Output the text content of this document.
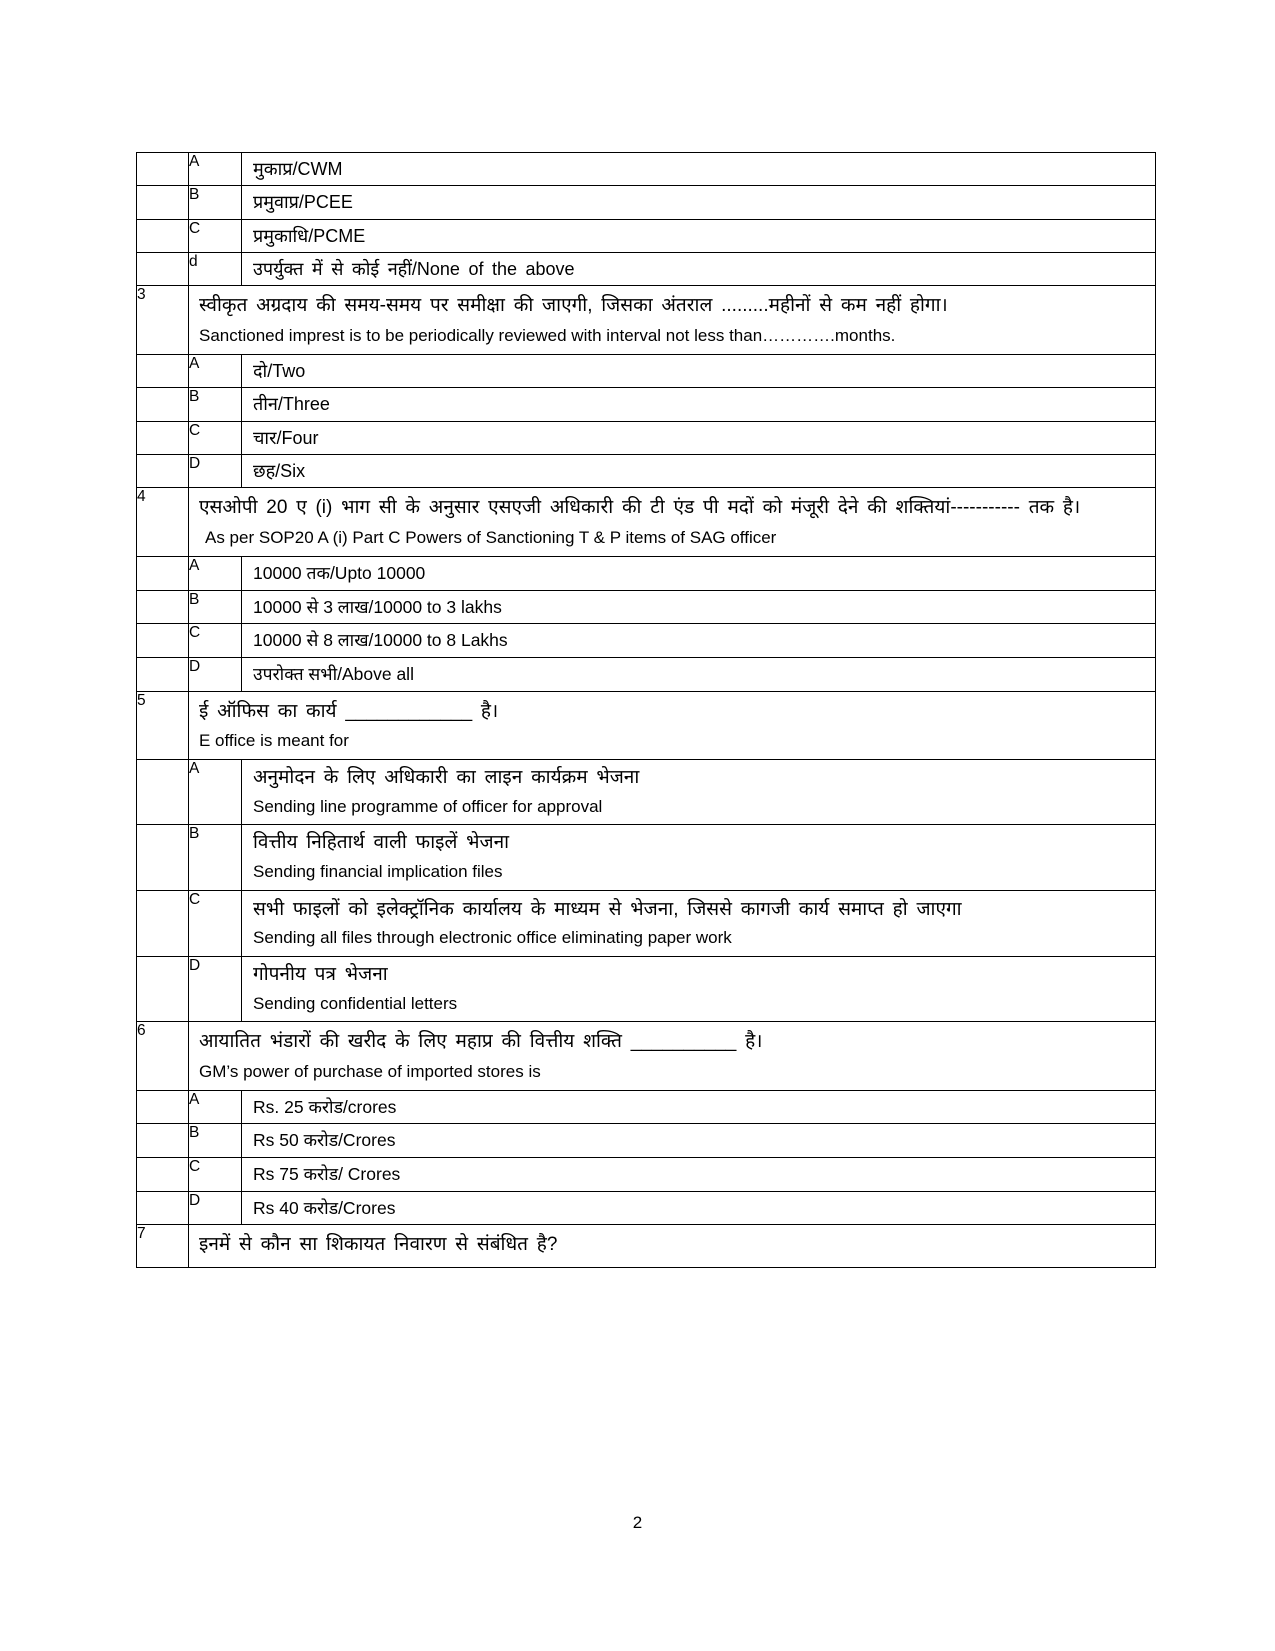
	A	मुकाप्र/CWM

	B	प्रमुवाप्र/PCEE

	C	प्रमुकाधि/PCME

	d	उपर्युक्त में से कोई नहीं/None of the above

3	स्वीकृत अग्रदाय की समय-समय पर समीक्षा की जाएगी, जिसका अंतराल .........महीनों से कम नहीं होगा।
Sanctioned imprest is to be periodically reviewed with interval not less than………….months.	

	A	दो/Two

	B	तीन/Three

	C	चार/Four

	D	छह/Six

4	एसओपी 20 ए (i) भाग सी के अनुसार एसएजी अधिकारी की टी एंड पी मदों को मंजूरी देने की शक्तियां----------- तक है।
As per SOP20 A (i) Part C Powers of Sanctioning T & P items of SAG officer	

	A	10000 तक/Upto 10000

	B	10000 से 3 लाख/10000 to 3 lakhs

	C	10000 से 8 लाख/10000 to 8 Lakhs

	D	उपरोक्त सभी/Above all

5	ई ऑफिस का कार्य ____________ है।
E office is meant for	

	A	अनुमोदन के लिए अधिकारी का लाइन कार्यक्रम भेजना
Sending line programme of officer for approval

	B	वित्तीय निहितार्थ वाली फाइलें भेजना
Sending financial implication files

	C	सभी फाइलों को इलेक्ट्रॉनिक कार्यालय के माध्यम से भेजना, जिससे कागजी कार्य समाप्त हो जाएगा
Sending all files through electronic office eliminating paper work

	D	गोपनीय पत्र भेजना
Sending confidential letters

6	आयातित भंडारों की खरीद के लिए महाप्र की वित्तीय शक्ति __________ है।
GM’s power of purchase of imported stores is	

	A	Rs. 25 करोड/crores

	B	Rs 50 करोड/Crores

	C	Rs 75 करोड/ Crores

	D	Rs 40 करोड/Crores

7	इनमें से कौन सा शिकायत निवारण से संबंधित है?	
2
